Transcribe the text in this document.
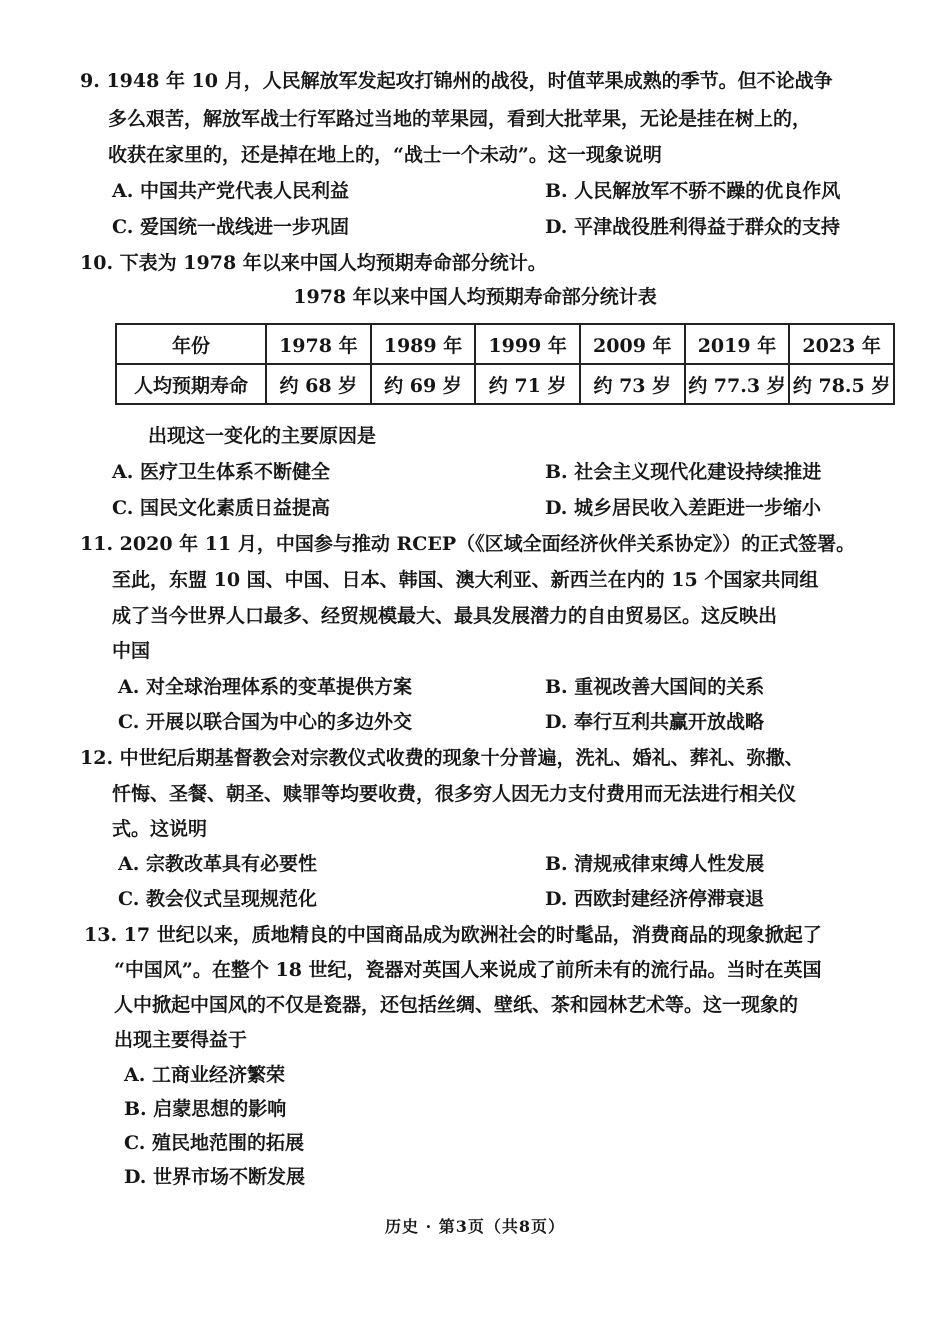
9. 1948 年 10 月，人民解放军发起攻打锦州的战役，时值苹果成熟的季节。但不论战争
多么艰苦，解放军战士行军路过当地的苹果园，看到大批苹果，无论是挂在树上的，
收获在家里的，还是掉在地上的，“战士一个未动”。这一现象说明
A. 中国共产党代表人民利益	B. 人民解放军不骄不躁的优良作风
C. 爱国统一战线进一步巩固	D. 平津战役胜利得益于群众的支持
10. 下表为 1978 年以来中国人均预期寿命部分统计。
1978 年以来中国人均预期寿命部分统计表
年份	1978 年	1989 年	1999 年	2009 年	2019 年	2023 年
人均预期寿命	约 68 岁	约 69 岁	约 71 岁	约 73 岁	约 77.3 岁	约 78.5 岁
出现这一变化的主要原因是
A. 医疗卫生体系不断健全	B. 社会主义现代化建设持续推进
C. 国民文化素质日益提高	D. 城乡居民收入差距进一步缩小
11. 2020 年 11 月，中国参与推动 RCEP（《区域全面经济伙伴关系协定》）的正式签署。
至此，东盟 10 国、中国、日本、韩国、澳大利亚、新西兰在内的 15 个国家共同组
成了当今世界人口最多、经贸规模最大、最具发展潜力的自由贸易区。这反映出
中国
A. 对全球治理体系的变革提供方案	B. 重视改善大国间的关系
C. 开展以联合国为中心的多边外交	D. 奉行互利共赢开放战略
12. 中世纪后期基督教会对宗教仪式收费的现象十分普遍，洗礼、婚礼、葬礼、弥撒、
忏悔、圣餐、朝圣、赎罪等均要收费，很多穷人因无力支付费用而无法进行相关仪
式。这说明
A. 宗教改革具有必要性	B. 清规戒律束缚人性发展
C. 教会仪式呈现规范化	D. 西欧封建经济停滞衰退
13. 17 世纪以来，质地精良的中国商品成为欧洲社会的时髦品，消费商品的现象掀起了
“中国风”。在整个 18 世纪，瓷器对英国人来说成了前所未有的流行品。当时在英国
人中掀起中国风的不仅是瓷器，还包括丝绸、壁纸、茶和园林艺术等。这一现象的
出现主要得益于
A. 工商业经济繁荣
B. 启蒙思想的影响
C. 殖民地范围的拓展
D. 世界市场不断发展
历史 · 第3页（共8页）
